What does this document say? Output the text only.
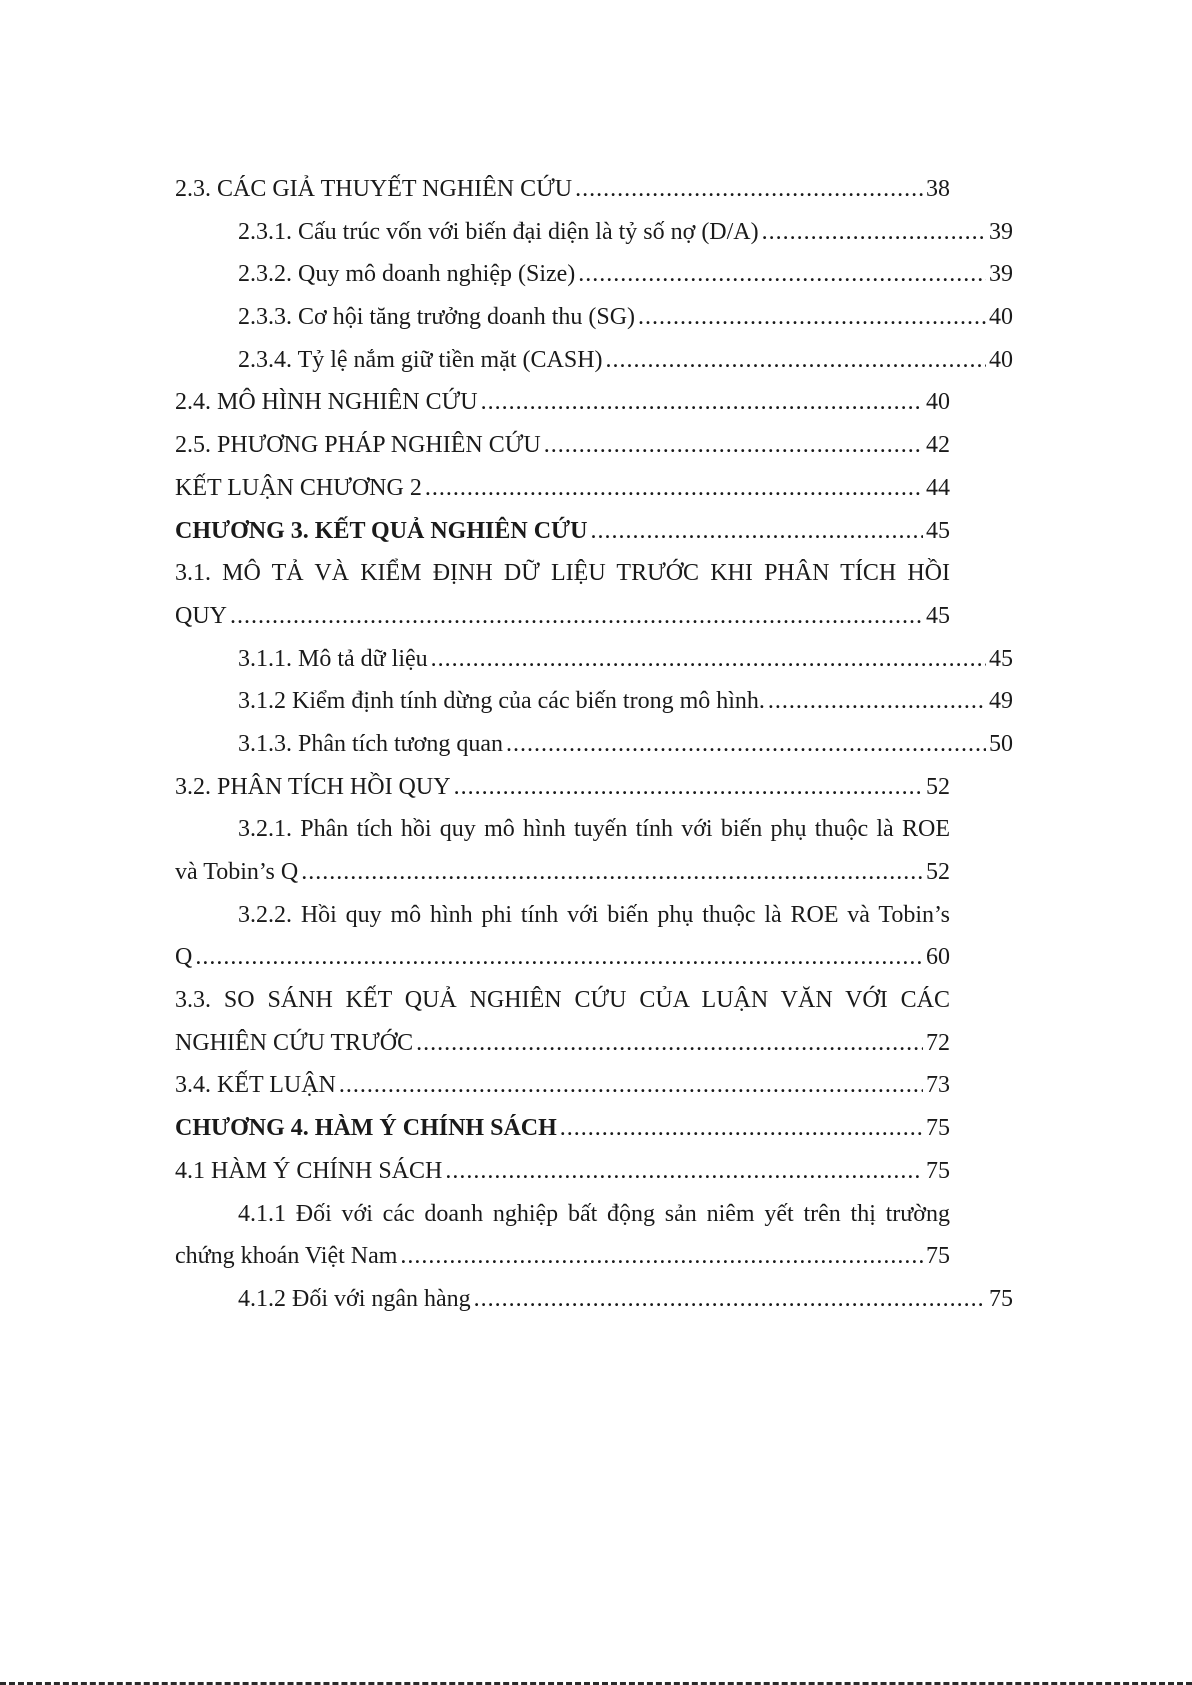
2.3. CÁC GIẢ THUYẾT NGHIÊN CỨU .....	38
2.3.1. Cấu trúc vốn với biến đại diện là tỷ số nợ (D/A) .....	39
2.3.2. Quy mô doanh nghiệp (Size) .....	39
2.3.3. Cơ hội tăng trưởng doanh thu (SG) .....	40
2.3.4. Tỷ lệ nắm giữ tiền mặt (CASH) .....	40
2.4. MÔ HÌNH NGHIÊN CỨU .....	40
2.5. PHƯƠNG PHÁP NGHIÊN CỨU .....	42
KẾT LUẬN CHƯƠNG 2 .....	44
CHƯƠNG 3. KẾT QUẢ NGHIÊN CỨU .....	45
3.1. MÔ TẢ VÀ KIỂM ĐỊNH DỮ LIỆU TRƯỚC KHI PHÂN TÍCH HỒI
QUY .....	45
3.1.1. Mô tả dữ liệu .....	45
3.1.2 Kiểm định tính dừng của các biến trong mô hình. .....	49
3.1.3. Phân tích tương quan .....	50
3.2. PHÂN TÍCH HỒI QUY .....	52
3.2.1. Phân tích hồi quy mô hình tuyến tính với biến phụ thuộc là ROE
và Tobin’s Q .....	52
3.2.2. Hồi quy mô hình phi tính với biến phụ thuộc là ROE và Tobin’s
Q .....	60
3.3. SO SÁNH KẾT QUẢ NGHIÊN CỨU CỦA LUẬN VĂN VỚI CÁC
NGHIÊN CỨU TRƯỚC .....	72
3.4. KẾT LUẬN .....	73
CHƯƠNG 4. HÀM Ý CHÍNH SÁCH .....	75
4.1 HÀM Ý CHÍNH SÁCH .....	75
4.1.1 Đối với các doanh nghiệp bất động sản niêm yết trên thị trường
chứng khoán Việt Nam .....	75
4.1.2 Đối với ngân hàng .....	75
